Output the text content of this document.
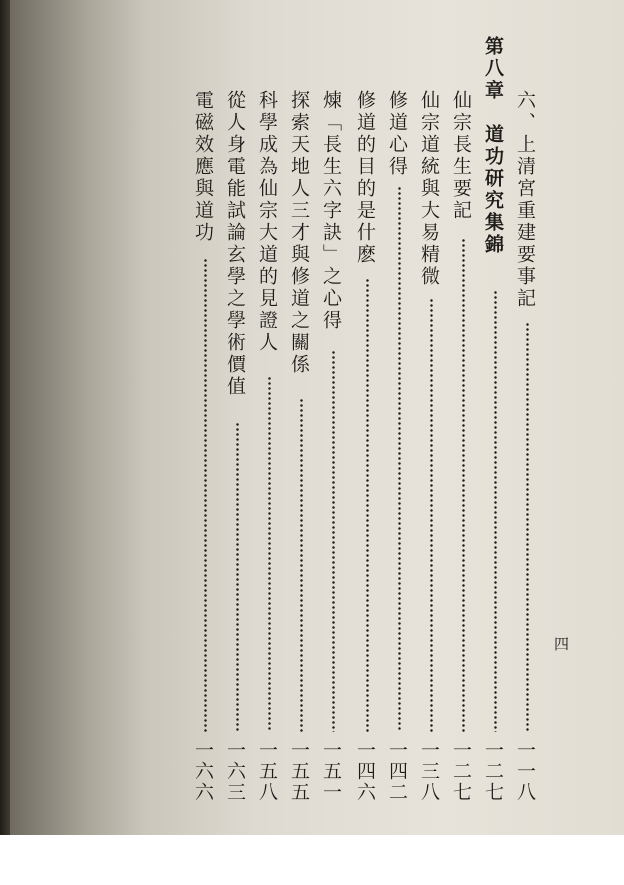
六、上清宮重建要事記
一一八
第八章　道功研究集錦
一二七
仙宗長生要記
一二七
仙宗道統與大易精微
一三八
修道心得
一四二
修道的目的是什麽
一四六
煉「長生六字訣」之心得
一五一
探索天地人三才與修道之關係
一五五
科學成為仙宗大道的見證人
一五八
從人身電能試論玄學之學術價值
一六三
電磁效應與道功
一六六
四
